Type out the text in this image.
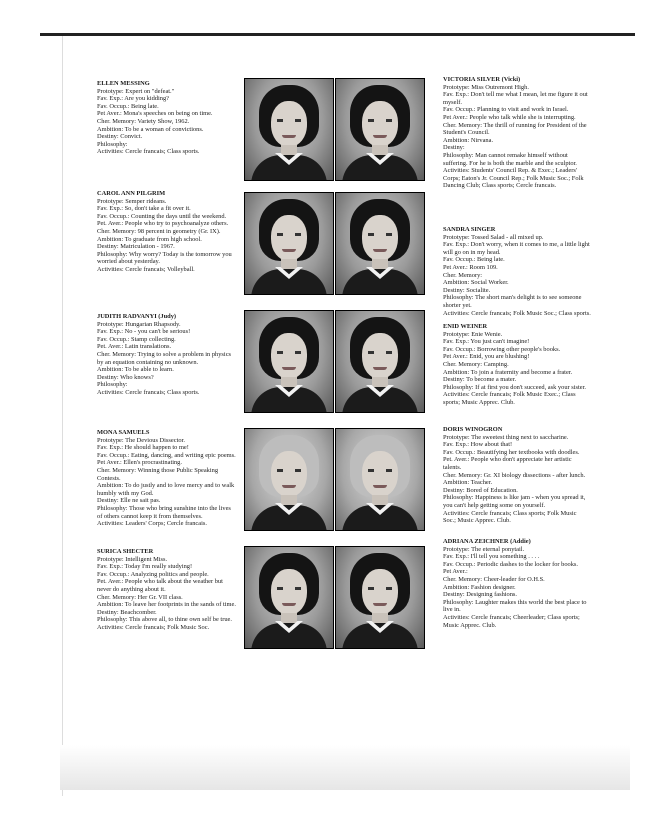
ELLEN MESSING
Prototype: Expert on "defeat."
Fav. Exp.: Are you kidding?
Fav. Occup.: Being late.
Pet Aver.: Mona's speeches on being on time.
Cher. Memory: Variety Show, 1962.
Ambition: To be a woman of convictions.
Destiny: Convict.
Philosophy:
Activities: Cercle francais; Class sports.
CAROL ANN PILGRIM
Prototype: Semper rideans.
Fav. Exp.: So, don't take a fit over it.
Fav. Occup.: Counting the days until the weekend.
Pet. Aver.: People who try to psychoanalyze others.
Cher. Memory: 98 percent in geometry (Gr. IX).
Ambition: To graduate from high school.
Destiny: Matriculation - 1967.
Philosophy: Why worry? Today is the tomorrow you worried about yesterday.
Activities: Cercle francais; Volleyball.
JUDITH RADVANYI (Judy)
Prototype: Hungarian Rhapsody.
Fav. Exp.: No - you can't be serious!
Fav. Occup.: Stamp collecting.
Pet. Aver.: Latin translations.
Cher. Memory: Trying to solve a problem in physics by an equation containing no unknown.
Ambition: To be able to learn.
Destiny: Who knows?
Philosophy:
Activities: Cercle francais; Class sports.
MONA SAMUELS
Prototype: The Devious Dissector.
Fav. Exp.: He should happen to me!
Fav. Occup.: Eating, dancing, and writing epic poems.
Pet Aver.: Ellen's procrastinating.
Cher. Memory: Winning those Public Speaking Contests.
Ambition: To do justly and to love mercy and to walk humbly with my God.
Destiny: Elle ne sait pas.
Philosophy: Those who bring sunshine into the lives of others cannot keep it from themselves.
Activities: Leaders' Corps; Cercle francais.
SURICA SHECTER
Prototype: Intelligent Miss.
Fav. Exp.: Today I'm really studying!
Fav. Occup.: Analyzing politics and people.
Pet. Aver.: People who talk about the weather but never do anything about it.
Cher. Memory: Her Gr. VII class.
Ambition: To leave her footprints in the sands of time.
Destiny: Beachcomber.
Philosophy: This above all, to thine own self be true.
Activities: Cercle francais; Folk Music Soc.
VICTORIA SILVER (Vicki)
Prototype: Miss Outremont High.
Fav. Exp.: Don't tell me what I mean, let me figure it out myself.
Fav. Occup.: Planning to visit and work in Israel.
Pet Aver.: People who talk while she is interrupting.
Cher. Memory: The thrill of running for President of the Student's Council.
Ambition: Nirvana.
Destiny:
Philosophy: Man cannot remake himself without suffering. For he is both the marble and the sculptor.
Activities: Students' Council Rep. & Exec.; Leaders' Corps; Eaton's Jr. Council Rep.; Folk Music Soc.; Folk Dancing Club; Class sports; Cercle francais.
SANDRA SINGER
Prototype: Tossed Salad - all mixed up.
Fav. Exp.: Don't worry, when it comes to me, a little light will go on in my head.
Fav. Occup.: Being late.
Pet Aver.: Room 109.
Cher. Memory:
Ambition: Social Worker.
Destiny: Socialite.
Philosophy: The short man's delight is to see someone shorter yet.
Activities: Cercle francais; Folk Music Soc.; Class sports.
ENID WEINER
Prototype: Enie Wenie.
Fav. Exp.: You just can't imagine!
Fav. Occup.: Borrowing other people's books.
Pet Aver.: Enid, you are blushing!
Cher. Memory: Camping.
Ambition: To join a fraternity and become a frater.
Destiny: To become a mater.
Philosophy: If at first you don't succeed, ask your sister.
Activities: Cercle francais; Folk Music Exec.; Class sports; Music Apprec. Club.
DORIS WINOGRON
Prototype: The sweetest thing next to saccharine.
Fav. Exp.: How about that!
Fav. Occup.: Beautifying her textbooks with doodles.
Pet. Aver.: People who don't appreciate her artistic talents.
Cher. Memory: Gr. XI biology dissections - after lunch.
Ambition: Teacher.
Destiny: Bored of Education.
Philosophy: Happiness is like jam - when you spread it, you can't help getting some on yourself.
Activities: Cercle francais; Class sports; Folk Music Soc.; Music Apprec. Club.
ADRIANA ZEICHNER (Addie)
Prototype: The eternal ponytail.
Fav. Exp.: I'll tell you something . . . .
Fav. Occup.: Periodic dashes to the locker for books.
Pet Aver.:
Cher. Memory: Cheer-leader for O.H.S.
Ambition: Fashion designer.
Destiny: Designing fashions.
Philosophy: Laughter makes this world the best place to live in.
Activities: Cercle francais; Cheerleader; Class sports; Music Apprec. Club.
